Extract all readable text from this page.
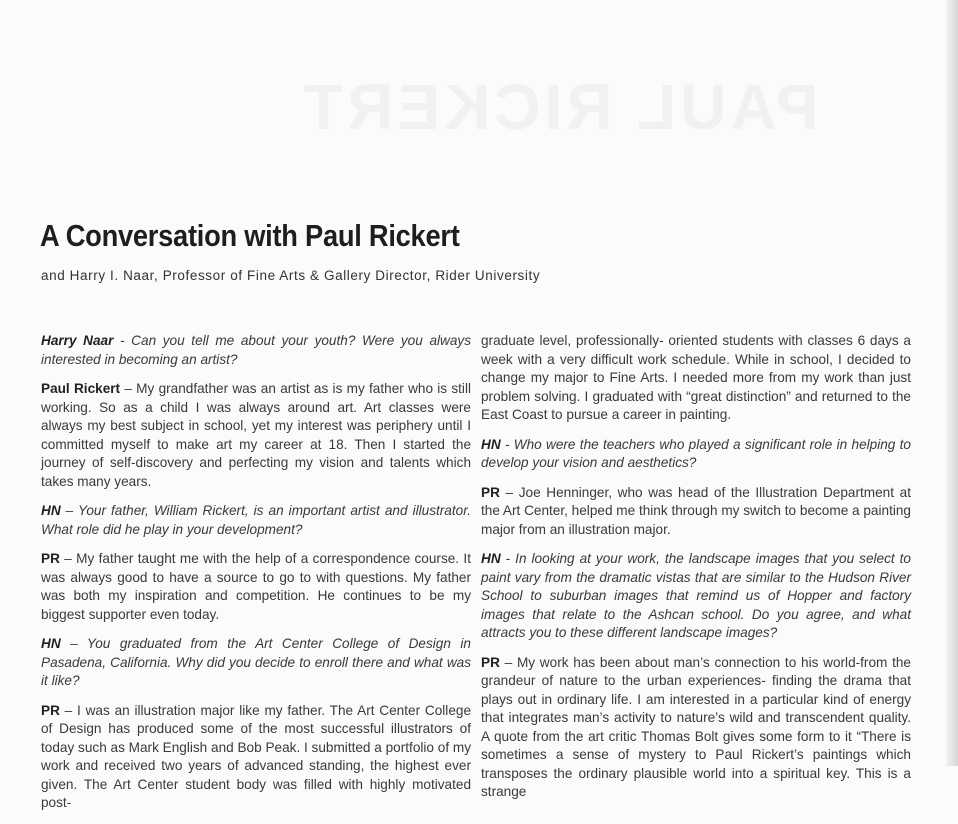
PAUL RICKERT
A Conversation with Paul Rickert

and Harry I. Naar, Professor of Fine Arts & Gallery Director, Rider University

Harry Naar - Can you tell me about your youth? Were you always interested in becoming an artist?

Paul Rickert – My grandfather was an artist as is my father who is still working. So as a child I was always around art. Art classes were always my best subject in school, yet my interest was periphery until I committed myself to make art my career at 18. Then I started the journey of self-discovery and perfecting my vision and talents which takes many years.

HN – Your father, William Rickert, is an important artist and illustrator. What role did he play in your development?

PR – My father taught me with the help of a correspondence course. It was always good to have a source to go to with questions. My father was both my inspiration and competition. He continues to be my biggest supporter even today.

HN – You graduated from the Art Center College of Design in Pasadena, California. Why did you decide to enroll there and what was it like?

PR – I was an illustration major like my father. The Art Center College of Design has produced some of the most successful illustrators of today such as Mark English and Bob Peak. I submitted a portfolio of my work and received two years of advanced standing, the highest ever given. The Art Center student body was filled with highly motivated post-

graduate level, professionally- oriented students with classes 6 days a week with a very difficult work schedule. While in school, I decided to change my major to Fine Arts. I needed more from my work than just problem solving. I graduated with “great distinction” and returned to the East Coast to pursue a career in painting.

HN - Who were the teachers who played a significant role in helping to develop your vision and aesthetics?

PR – Joe Henninger, who was head of the Illustration Department at the Art Center, helped me think through my switch to become a painting major from an illustration major.

HN - In looking at your work, the landscape images that you select to paint vary from the dramatic vistas that are similar to the Hudson River School to suburban images that remind us of Hopper and factory images that relate to the Ashcan school. Do you agree, and what attracts you to these different landscape images?

PR – My work has been about man’s connection to his world-from the grandeur of nature to the urban experiences- finding the drama that plays out in ordinary life. I am interested in a particular kind of energy that integrates man’s activity to nature’s wild and transcendent quality. A quote from the art critic Thomas Bolt gives some form to it “There is sometimes a sense of mystery to Paul Rickert’s paintings which transposes the ordinary plausible world into a spiritual key. This is a strange
